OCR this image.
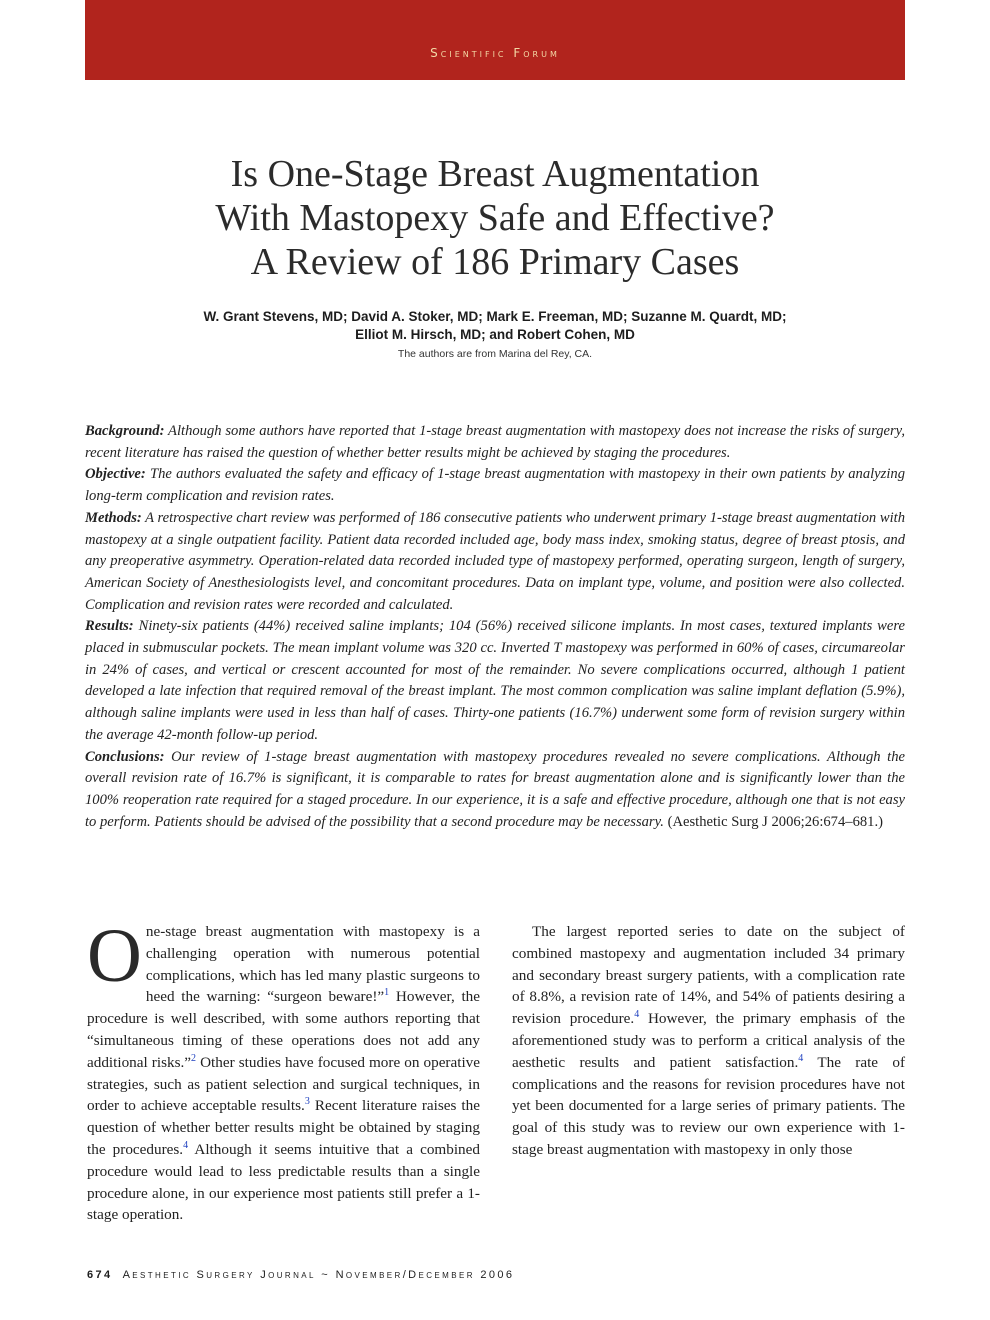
Scientific Forum
Is One-Stage Breast Augmentation
With Mastopexy Safe and Effective?
A Review of 186 Primary Cases
W. Grant Stevens, MD; David A. Stoker, MD; Mark E. Freeman, MD; Suzanne M. Quardt, MD;
Elliot M. Hirsch, MD; and Robert Cohen, MD
The authors are from Marina del Rey, CA.

Background: Although some authors have reported that 1-stage breast augmentation with mastopexy does not increase the risks of surgery, recent literature has raised the question of whether better results might be achieved by staging the procedures.

Objective: The authors evaluated the safety and efficacy of 1-stage breast augmentation with mastopexy in their own patients by analyzing long-term complication and revision rates.

Methods: A retrospective chart review was performed of 186 consecutive patients who underwent primary 1-stage breast augmentation with mastopexy at a single outpatient facility. Patient data recorded included age, body mass index, smoking status, degree of breast ptosis, and any preoperative asymmetry. Operation-related data recorded included type of mastopexy performed, operating surgeon, length of surgery, American Society of Anesthesiologists level, and concomitant procedures. Data on implant type, volume, and position were also collected. Complication and revision rates were recorded and calculated.

Results: Ninety-six patients (44%) received saline implants; 104 (56%) received silicone implants. In most cases, textured implants were placed in submuscular pockets. The mean implant volume was 320 cc. Inverted T mastopexy was performed in 60% of cases, circumareolar in 24% of cases, and vertical or crescent accounted for most of the remainder. No severe complications occurred, although 1 patient developed a late infection that required removal of the breast implant. The most common complication was saline implant deflation (5.9%), although saline implants were used in less than half of cases. Thirty-one patients (16.7%) underwent some form of revision surgery within the average 42-month follow-up period.

Conclusions: Our review of 1-stage breast augmentation with mastopexy procedures revealed no severe complications. Although the overall revision rate of 16.7% is significant, it is comparable to rates for breast augmentation alone and is significantly lower than the 100% reoperation rate required for a staged procedure. In our experience, it is a safe and effective procedure, although one that is not easy to perform. Patients should be advised of the possibility that a second procedure may be necessary. (Aesthetic Surg J 2006;26:674–681.)

One-stage breast augmentation with mastopexy is a challenging operation with numerous potential complications, which has led many plastic surgeons to heed the warning: “surgeon beware!”$^1$ However, the procedure is well described, with some authors reporting that “simultaneous timing of these operations does not add any additional risks.”$^2$ Other studies have focused more on operative strategies, such as patient selection and surgical techniques, in order to achieve acceptable results.$^3$ Recent literature raises the question of whether better results might be obtained by staging the procedures.$^4$ Although it seems intuitive that a combined procedure would lead to less predictable results than a single procedure alone, in our experience most patients still prefer a 1-stage operation.

The largest reported series to date on the subject of combined mastopexy and augmentation included 34 primary and secondary breast surgery patients, with a complication rate of 8.8%, a revision rate of 14%, and 54% of patients desiring a revision procedure.$^4$ However, the primary emphasis of the aforementioned study was to perform a critical analysis of the aesthetic results and patient satisfaction.$^4$ The rate of complications and the reasons for revision procedures have not yet been documented for a large series of primary patients. The goal of this study was to review our own experience with 1-stage breast augmentation with mastopexy in only those

674 Aesthetic Surgery Journal ~ November/December 2006
